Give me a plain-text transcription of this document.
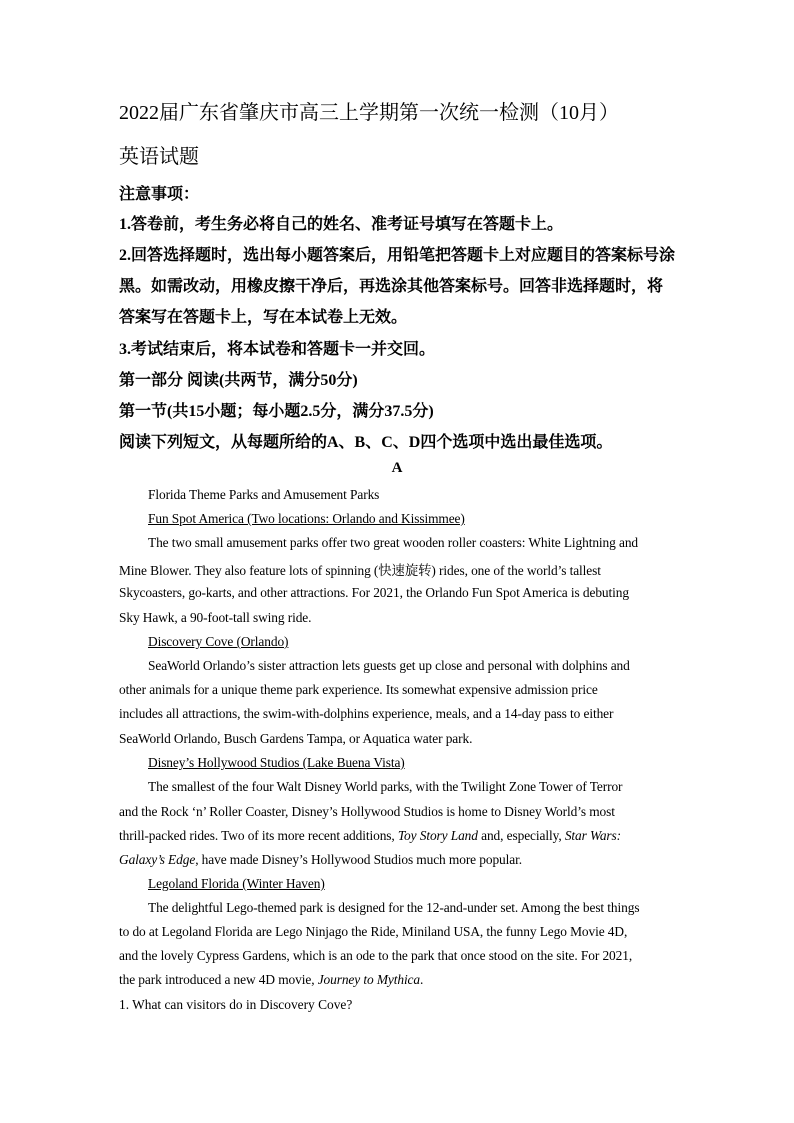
2022届广东省肇庆市高三上学期第一次统一检测（10月）
英语试题
注意事项：
1.答卷前，考生务必将自己的姓名、准考证号填写在答题卡上。
2.回答选择题时，选出每小题答案后，用铅笔把答题卡上对应题目的答案标号涂
黑。如需改动，用橡皮擦干净后，再选涂其他答案标号。回答非选择题时，将
答案写在答题卡上，写在本试卷上无效。
3.考试结束后，将本试卷和答题卡一并交回。
第一部分 阅读(共两节，满分50分)
第一节(共15小题；每小题2.5分，满分37.5分)
阅读下列短文，从每题所给的A、B、C、D四个选项中选出最佳选项。
A
Florida Theme Parks and Amusement Parks
Fun Spot America (Two locations: Orlando and Kissimmee)
The two small amusement parks offer two great wooden roller coasters: White Lightning and
Mine Blower. They also feature lots of spinning (快速旋转) rides, one of the world’s tallest
Skycoasters, go-karts, and other attractions. For 2021, the Orlando Fun Spot America is debuting
Sky Hawk, a 90-foot-tall swing ride.
Discovery Cove (Orlando)
SeaWorld Orlando’s sister attraction lets guests get up close and personal with dolphins and
other animals for a unique theme park experience. Its somewhat expensive admission price
includes all attractions, the swim-with-dolphins experience, meals, and a 14-day pass to either
SeaWorld Orlando, Busch Gardens Tampa, or Aquatica water park.
Disney’s Hollywood Studios (Lake Buena Vista)
The smallest of the four Walt Disney World parks, with the Twilight Zone Tower of Terror
and the Rock ‘n’ Roller Coaster, Disney’s Hollywood Studios is home to Disney World’s most
thrill-packed rides. Two of its more recent additions, Toy Story Land and, especially, Star Wars:
Galaxy’s Edge, have made Disney’s Hollywood Studios much more popular.
Legoland Florida (Winter Haven)
The delightful Lego-themed park is designed for the 12-and-under set. Among the best things
to do at Legoland Florida are Lego Ninjago the Ride, Miniland USA, the funny Lego Movie 4D,
and the lovely Cypress Gardens, which is an ode to the park that once stood on the site. For 2021,
the park introduced a new 4D movie, Journey to Mythica.
1. What can visitors do in Discovery Cove?
